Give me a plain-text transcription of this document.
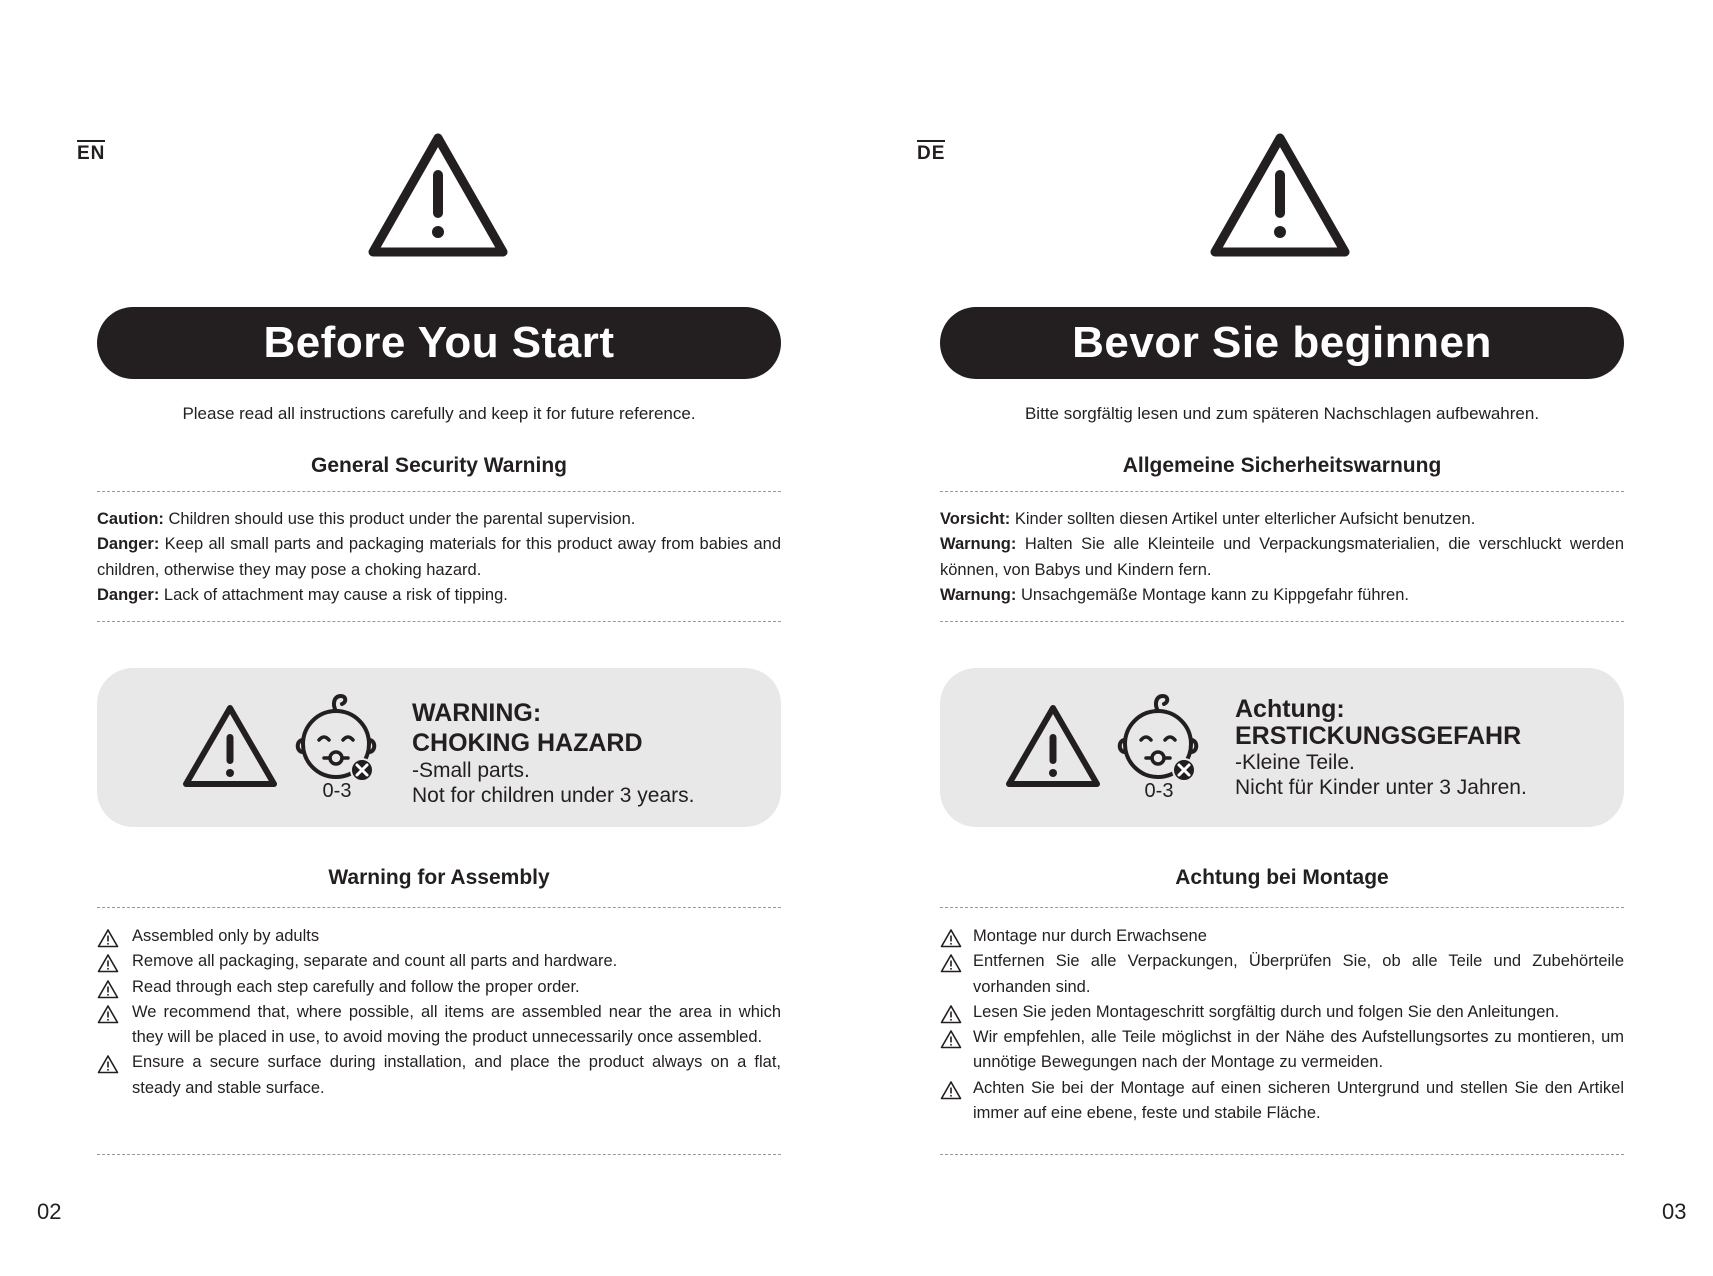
EN
Before You Start
Please read all instructions carefully and keep it for future reference.
General Security Warning

Caution: Children should use this product under the parental supervision.

Danger: Keep all small parts and packaging materials for this product away from babies and children, otherwise they may pose a choking hazard.

Danger: Lack of attachment may cause a risk of tipping.

0-3
WARNING:
CHOKING HAZARD
-Small parts.
Not for children under 3 years.
Warning for Assembly
Assembled only by adults
Remove all packaging, separate and count all parts and hardware.
Read through each step carefully and follow the proper order.
We recommend that, where possible, all items are assembled near the area in which they will be placed in use, to avoid moving the product unnecessarily once assembled.
Ensure a secure surface during installation, and place the product always on a flat, steady and stable surface.
02
DE
Bevor Sie beginnen
Bitte sorgfältig lesen und zum späteren Nachschlagen aufbewahren.
Allgemeine Sicherheitswarnung

Vorsicht: Kinder sollten diesen Artikel unter elterlicher Aufsicht benutzen.

Warnung: Halten Sie alle Kleinteile und Verpackungsmaterialien, die verschluckt werden können, von Babys und Kindern fern.

Warnung: Unsachgemäße Montage kann zu Kippgefahr führen.

0-3
Achtung:
ERSTICKUNGSGEFAHR
-Kleine Teile.
Nicht für Kinder unter 3 Jahren.
Achtung bei Montage
Montage nur durch Erwachsene
Entfernen Sie alle Verpackungen, Überprüfen Sie, ob alle Teile und Zubehörteile vorhanden sind.
Lesen Sie jeden Montageschritt sorgfältig durch und folgen Sie den Anleitungen.
Wir empfehlen, alle Teile möglichst in der Nähe des Aufstellungsortes zu montieren, um unnötige Bewegungen nach der Montage zu vermeiden.
Achten Sie bei der Montage auf einen sicheren Untergrund und stellen Sie den Artikel immer auf eine ebene, feste und stabile Fläche.
03
